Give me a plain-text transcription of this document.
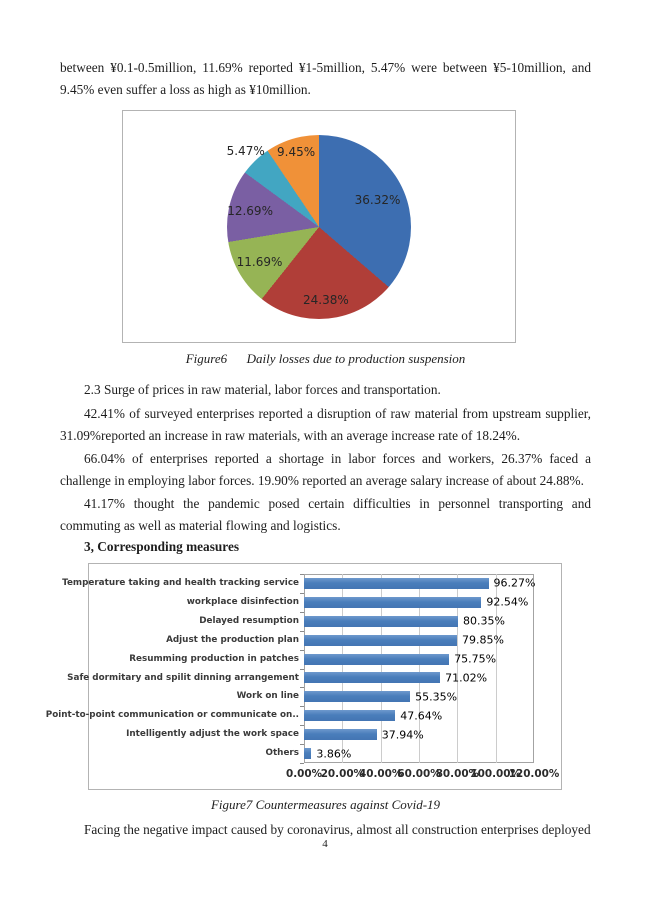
between ¥0.1-0.5million, 11.69% reported ¥1-5million, 5.47% were between ¥5-10million, and 9.45% even suffer a loss as high as ¥10million.

36.32%
24.38%
11.69%
12.69%
5.47% 9.45%

Figure6 Daily losses due to production suspension

2.3 Surge of prices in raw material, labor forces and transportation.

42.41% of surveyed enterprises reported a disruption of raw material from upstream supplier, 31.09%reported an increase in raw materials, with an average increase rate of 18.24%.

66.04% of enterprises reported a shortage in labor forces and workers, 26.37% faced a challenge in employing labor forces. 19.90% reported an average salary increase of about 24.88%.

41.17% thought the pandemic posed certain difficulties in personnel transporting and commuting as well as material flowing and logistics.

3, Corresponding measures

0.00%
20.00%
40.00%
60.00%
80.00%
100.00%
120.00%
Temperature taking and health tracking service	96.27%
workplace disinfection	92.54%
Delayed resumption	80.35%
Adjust the production plan	79.85%
Resumming production in patches	75.75%
Safe dormitary and spilit dinning arrangement	71.02%
Work on line	55.35%
Point-to-point communication or communicate on..	47.64%
Intelligently adjust the work space	37.94%
Others 3.86%

Figure7 Countermeasures against Covid-19

Facing the negative impact caused by coronavirus, almost all construction enterprises deployed

4
